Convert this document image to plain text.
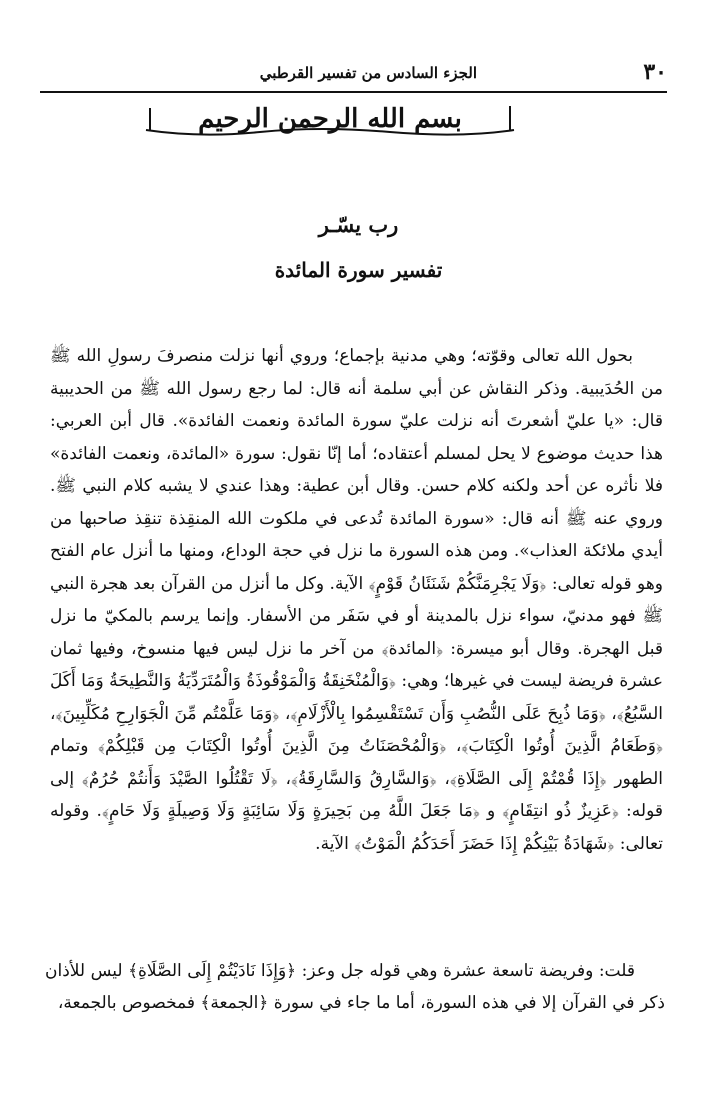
٣٠
الجزء السادس من تفسير القرطبي
بسم الله الرحمن الرحيم
رب يسّـر
تفسير سورة المائدة

بحول الله تعالى وقوّته؛ وهي مدنية بإجماع؛ وروي أنها نزلت منصرفَ رسولِ الله ﷺ من الحُدَيبية. وذكر النقاش عن أبي سلمة أنه قال: لما رجع رسول الله ﷺ من الحديبية قال: «يا عليّ أشعرتَ أنه نزلت عليّ سورة المائدة ونعمت الفائدة». قال أبن العربي: هذا حديث موضوع لا يحل لمسلم أعتقاده؛ أما إنّا نقول: سورة «المائدة، ونعمت الفائدة» فلا نأثره عن أحد ولكنه كلام حسن. وقال أبن عطية: وهذا عندي لا يشبه كلام النبي ﷺ. وروي عنه ﷺ أنه قال: «سورة المائدة تُدعى في ملكوت الله المنقِذة تنقِذ صاحبها من أيدي ملائكة العذاب». ومن هذه السورة ما نزل في حجة الوداع، ومنها ما أنزل عام الفتح وهو قوله تعالى: ﴿وَلَا يَجْرِمَنَّكُمْ شَنَئَانُ قَوْمٍ﴾ الآية. وكل ما أنزل من القرآن بعد هجرة النبي ﷺ فهو مدنيّ، سواء نزل بالمدينة أو في سَفَر من الأسفار. وإنما يرسم بالمكيّ ما نزل قبل الهجرة. وقال أبو ميسرة: ﴿المائدة﴾ من آخر ما نزل ليس فيها منسوخ، وفيها ثمان عشرة فريضة ليست في غيرها؛ وهي: ﴿وَالْمُنْخَنِقَةُ وَالْمَوْقُوذَةُ وَالْمُتَرَدِّيَةُ وَالنَّطِيحَةُ وَمَا أَكَلَ السَّبُعُ﴾، ﴿وَمَا ذُبِحَ عَلَى النُّصُبِ وَأَن تَسْتَقْسِمُوا بِالْأَزْلَامِ﴾، ﴿وَمَا عَلَّمْتُم مِّنَ الْجَوَارِحِ مُكَلِّبِينَ﴾، ﴿وَطَعَامُ الَّذِينَ أُوتُوا الْكِتَابَ﴾، ﴿وَالْمُحْصَنَاتُ مِنَ الَّذِينَ أُوتُوا الْكِتَابَ مِن قَبْلِكُمْ﴾ وتمام الطهور ﴿إِذَا قُمْتُمْ إِلَى الصَّلَاةِ﴾، ﴿وَالسَّارِقُ وَالسَّارِقَةُ﴾، ﴿لَا تَقْتُلُوا الصَّيْدَ وَأَنتُمْ حُرُمٌ﴾ إلى قوله: ﴿عَزِيزٌ ذُو انتِقَامٍ﴾ و ﴿مَا جَعَلَ اللَّهُ مِن بَحِيرَةٍ وَلَا سَائِبَةٍ وَلَا وَصِيلَةٍ وَلَا حَامٍ﴾. وقوله تعالى: ﴿شَهَادَةُ بَيْنِكُمْ إِذَا حَضَرَ أَحَدَكُمُ الْمَوْتُ﴾ الآية.

قلت: وفريضة تاسعة عشرة وهي قوله جل وعز: ﴿وَإِذَا نَادَيْتُمْ إِلَى الصَّلَاةِ﴾ ليس للأذان ذكر في القرآن إلا في هذه السورة، أما ما جاء في سورة ﴿الجمعة﴾ فمخصوص بالجمعة،
